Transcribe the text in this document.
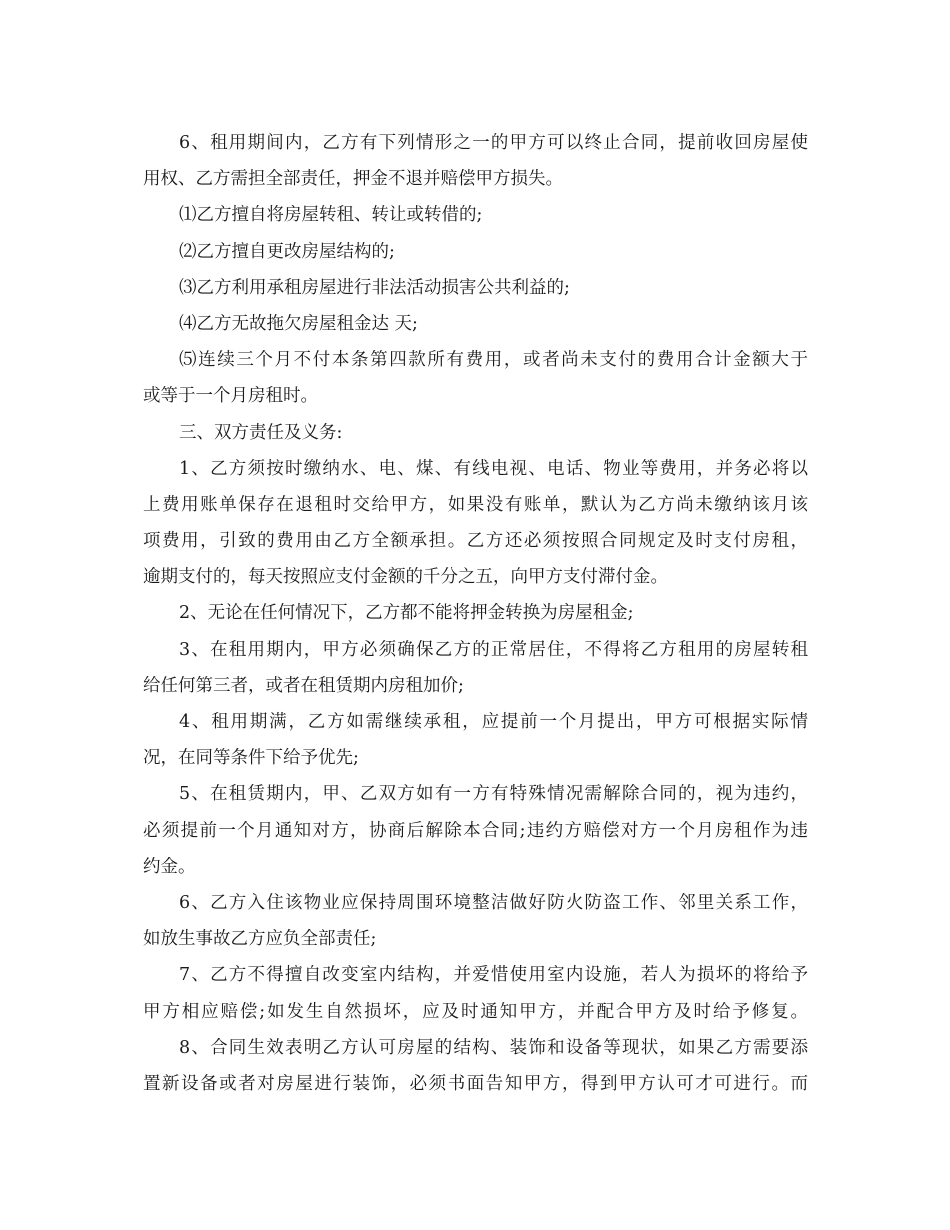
6、租用期间内，乙方有下列情形之一的甲方可以终止合同，提前收回房屋使
用权、乙方需担全部责任，押金不退并赔偿甲方损失。
⑴乙方擅自将房屋转租、转让或转借的;
⑵乙方擅自更改房屋结构的;
⑶乙方利用承租房屋进行非法活动损害公共利益的;
⑷乙方无故拖欠房屋租金达 天;
⑸连续三个月不付本条第四款所有费用，或者尚未支付的费用合计金额大于
或等于一个月房租时。
三、双方责任及义务:
1、乙方须按时缴纳水、电、煤、有线电视、电话、物业等费用，并务必将以
上费用账单保存在退租时交给甲方，如果没有账单，默认为乙方尚未缴纳该月该
项费用，引致的费用由乙方全额承担。乙方还必须按照合同规定及时支付房租，
逾期支付的，每天按照应支付金额的千分之五，向甲方支付滞付金。
2、无论在任何情况下，乙方都不能将押金转换为房屋租金;
3、在租用期内，甲方必须确保乙方的正常居住，不得将乙方租用的房屋转租
给任何第三者，或者在租赁期内房租加价;
4、租用期满，乙方如需继续承租，应提前一个月提出，甲方可根据实际情
况，在同等条件下给予优先;
5、在租赁期内，甲、乙双方如有一方有特殊情况需解除合同的，视为违约，
必须提前一个月通知对方，协商后解除本合同;违约方赔偿对方一个月房租作为违
约金。
6、乙方入住该物业应保持周围环境整洁做好防火防盗工作、邻里关系工作，
如放生事故乙方应负全部责任;
7、乙方不得擅自改变室内结构，并爱惜使用室内设施，若人为损坏的将给予
甲方相应赔偿;如发生自然损坏，应及时通知甲方，并配合甲方及时给予修复。
8、合同生效表明乙方认可房屋的结构、装饰和设备等现状，如果乙方需要添
置新设备或者对房屋进行装饰，必须书面告知甲方，得到甲方认可才可进行。而
